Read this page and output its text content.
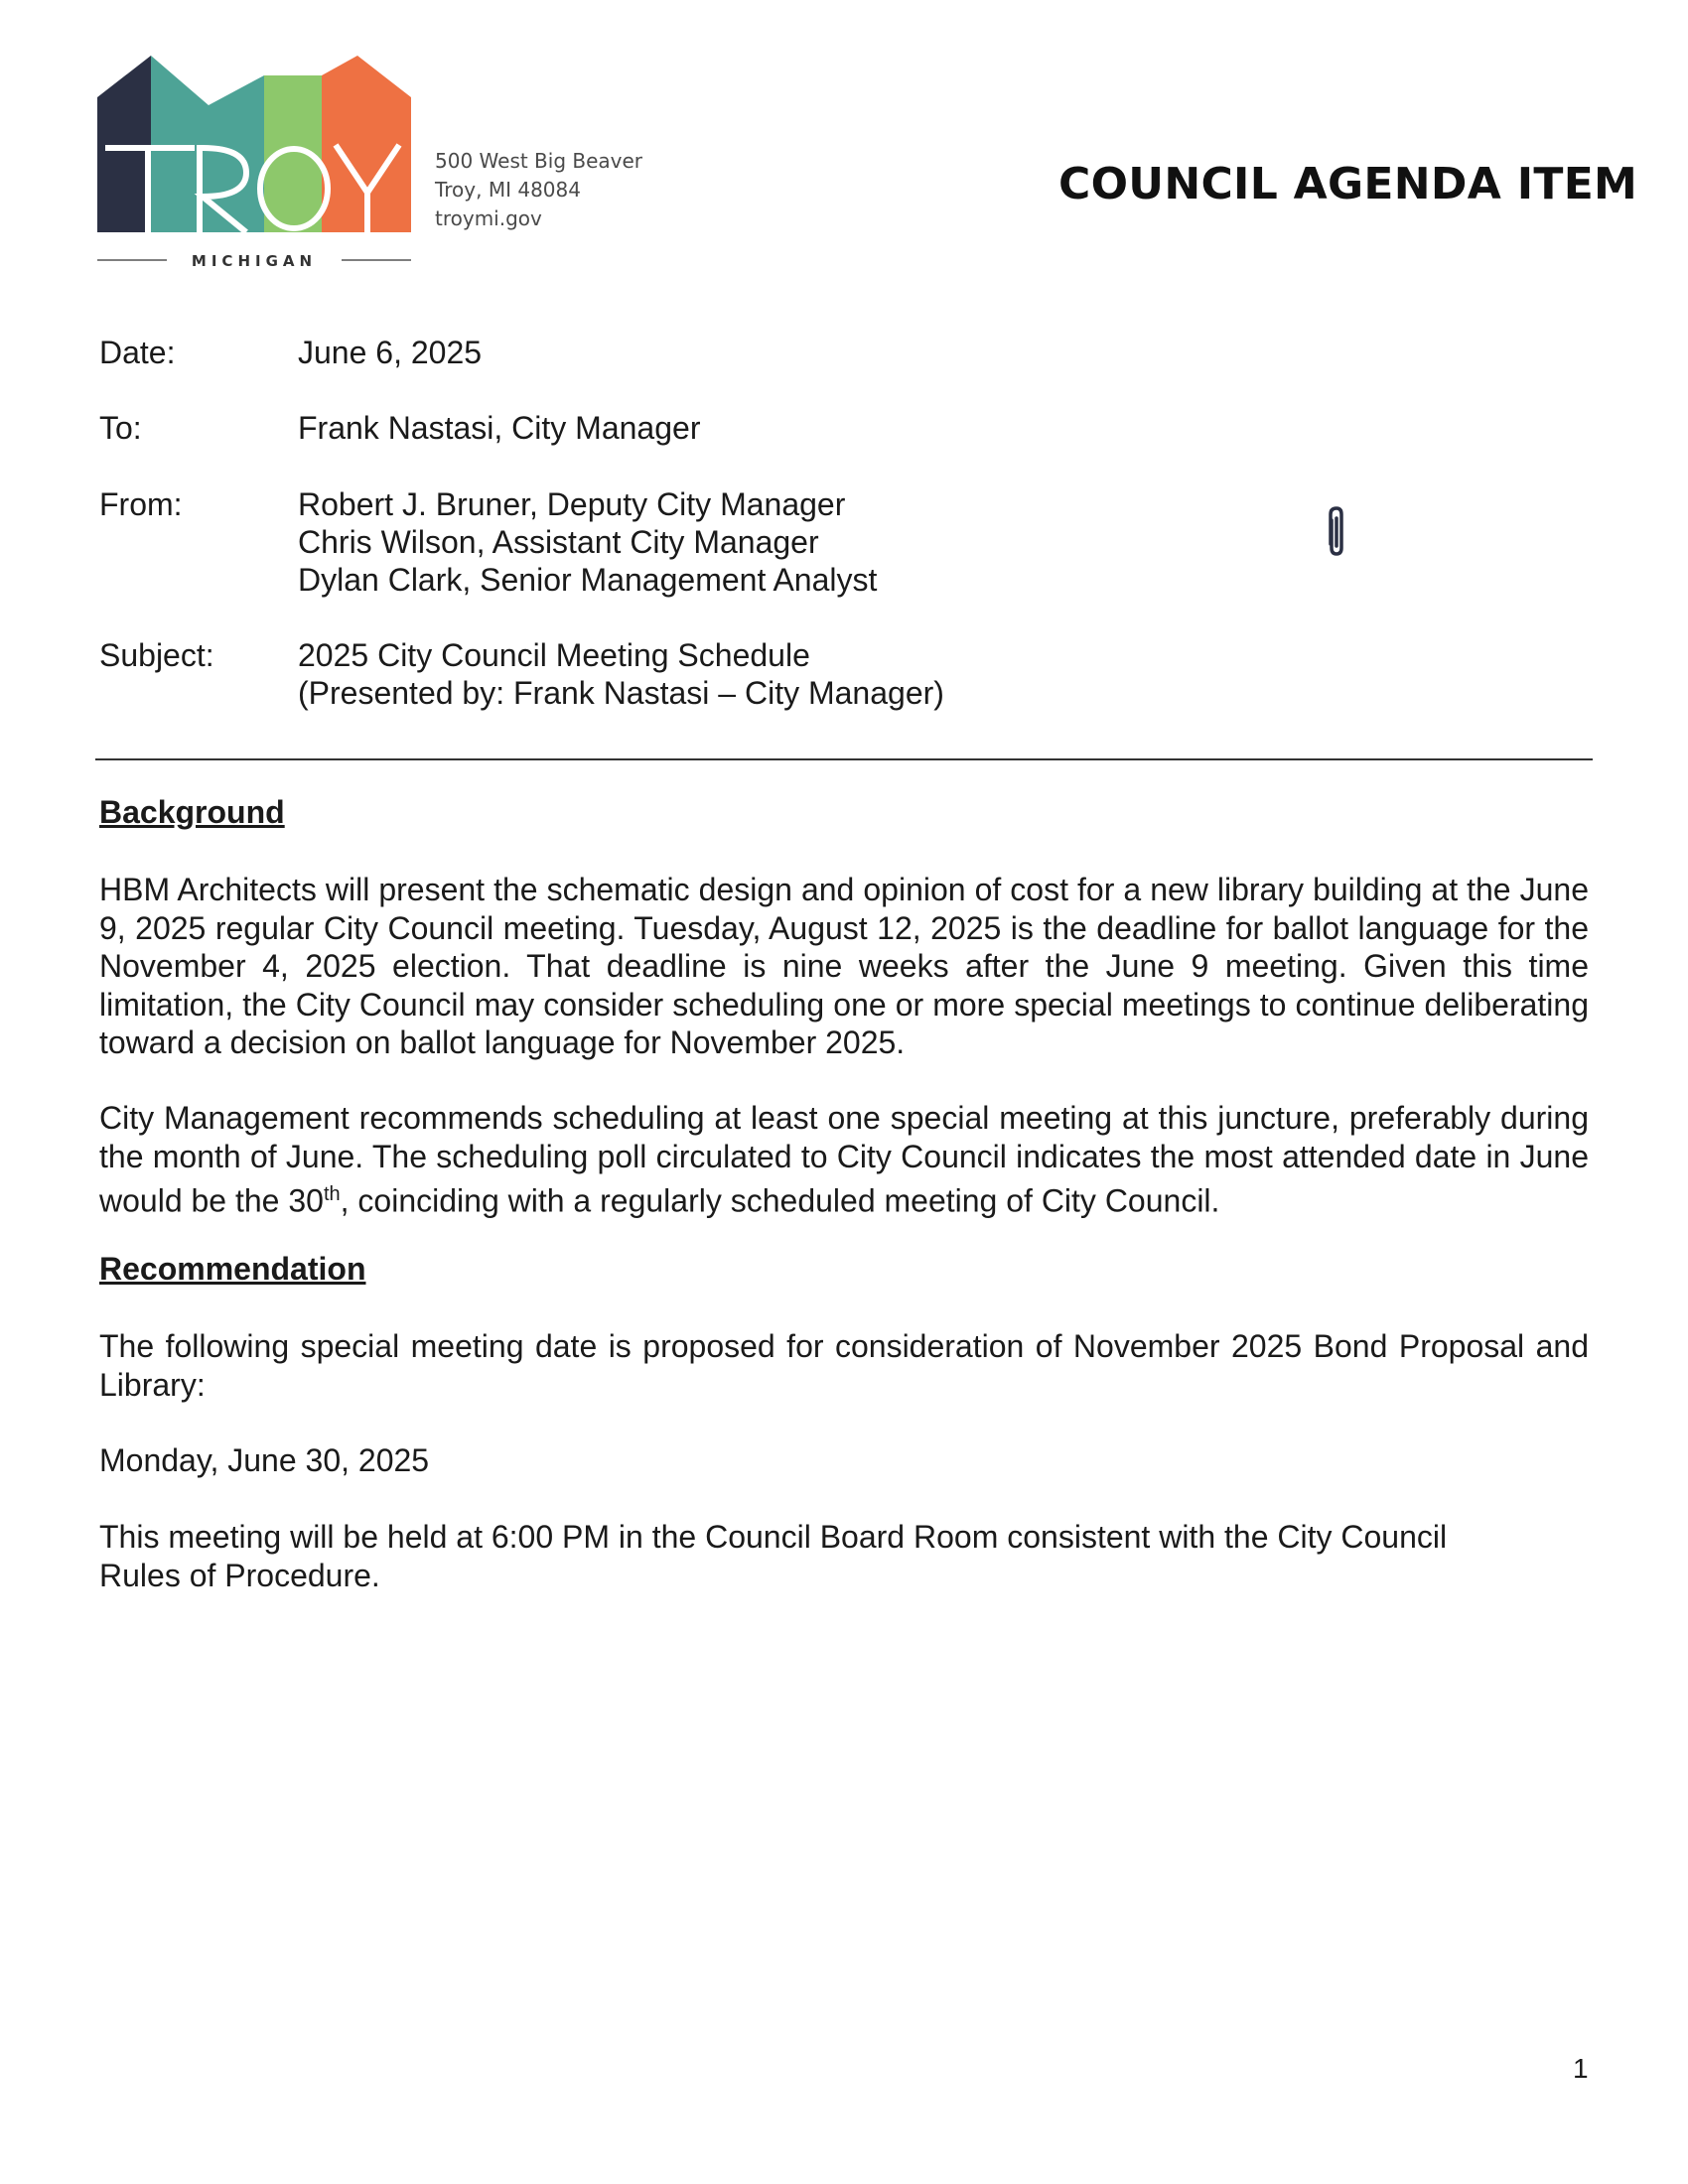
MICHIGAN
500 West Big Beaver
Troy, MI 48084
troymi.gov
COUNCIL AGENDA ITEM
Date:	June 6, 2025
To:	Frank Nastasi, City Manager
From:	Robert J. Bruner, Deputy City Manager
Chris Wilson, Assistant City Manager
Dylan Clark, Senior Management Analyst
Subject:	2025 City Council Meeting Schedule
(Presented by: Frank Nastasi – City Manager)
Background
HBM Architects will present the schematic design and opinion of cost for a new library building at the June 9, 2025 regular City Council meeting. Tuesday, August 12, 2025 is the deadline for ballot language for the November 4, 2025 election. That deadline is nine weeks after the June 9 meeting. Given this time limitation, the City Council may consider scheduling one or more special meetings to continue deliberating toward a decision on ballot language for November 2025.
City Management recommends scheduling at least one special meeting at this juncture, preferably during the month of June. The scheduling poll circulated to City Council indicates the most attended date in June would be the 30th, coinciding with a regularly scheduled meeting of City Council.
Recommendation
The following special meeting date is proposed for consideration of November 2025 Bond Proposal and Library:
Monday, June 30, 2025
This meeting will be held at 6:00 PM in the Council Board Room consistent with the City Council
Rules of Procedure.
1
